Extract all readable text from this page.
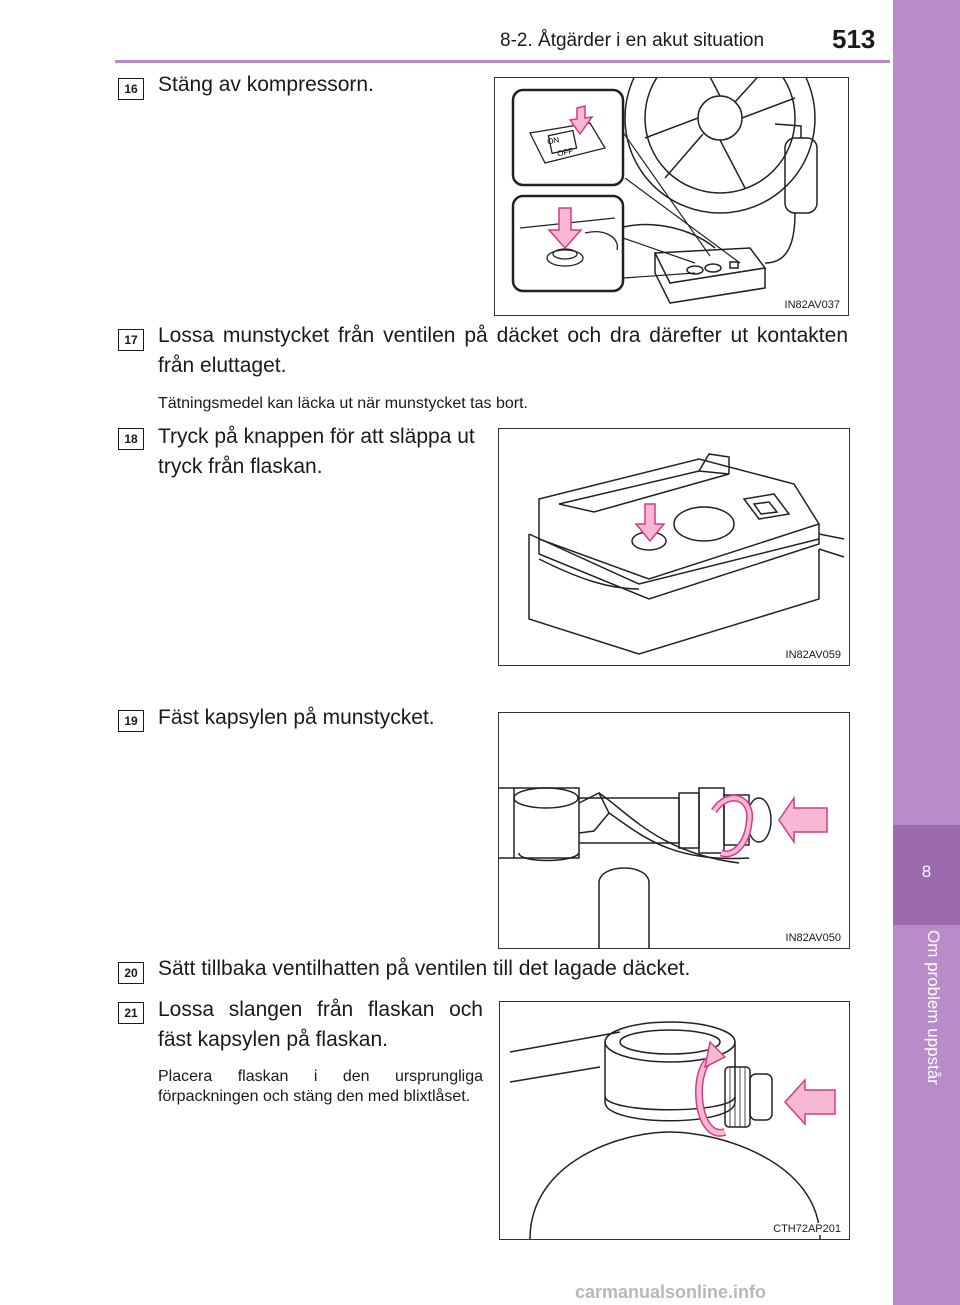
8-2. Åtgärder i en akut situation	513
8
Om problem uppstår
16 Stäng av kompressorn.
ON
OFF
IN82AV037
17 Lossa munstycket från ventilen på däcket och dra därefter ut kontakten från eluttaget.
Tätningsmedel kan läcka ut när munstycket tas bort.
18 Tryck på knappen för att släppa ut tryck från flaskan.
IN82AV059
19 Fäst kapsylen på munstycket.
IN82AV050
20 Sätt tillbaka ventilhatten på ventilen till det lagade däcket.
21 Lossa slangen från flaskan och fäst kapsylen på flaskan.
Placera flaskan i den ursprungliga förpackningen och stäng den med blixtlåset.
CTH72AP201
carmanualsonline.info
